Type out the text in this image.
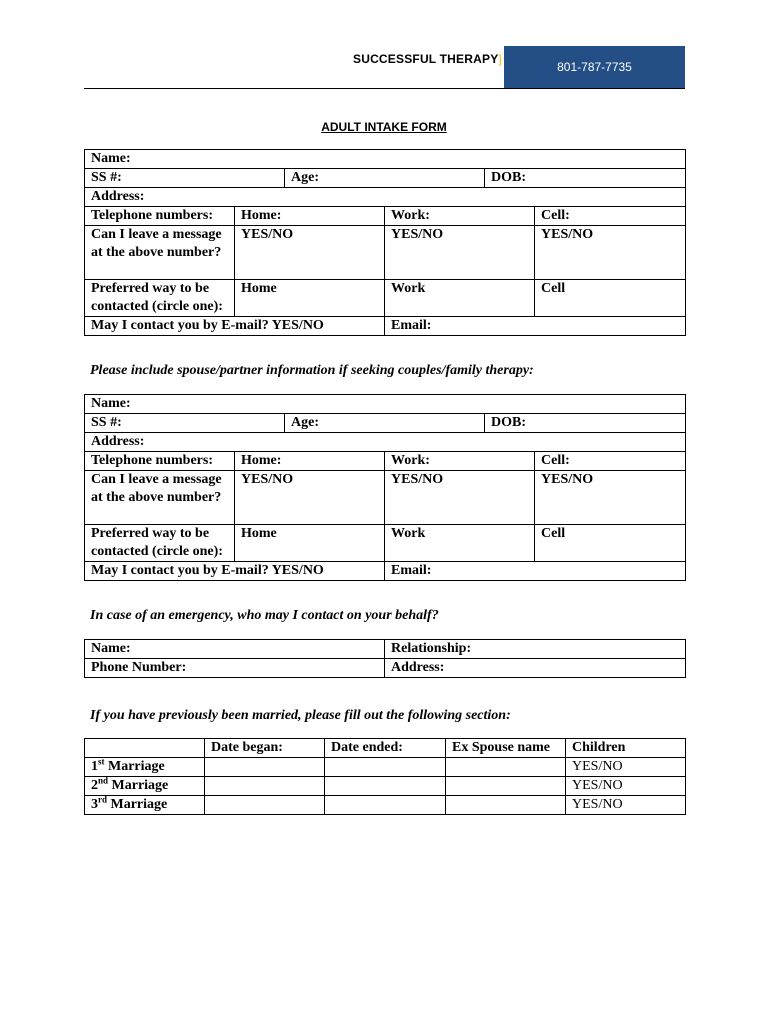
SUCCESSFUL THERAPY]
801-787-7735
ADULT INTAKE FORM
Name:					
SS #:		Age:		DOB:	
Address:					
Telephone numbers:	Home:		Work:		Cell:
Can I leave a message at the above number?	YES/NO		YES/NO		YES/NO
Preferred way to be contacted (circle one):	Home		Work		Cell
May I contact you by E-mail? YES/NO			Email:		
Please include spouse/partner information if seeking couples/family therapy:
Name:					
SS #:		Age:		DOB:	
Address:					
Telephone numbers:	Home:		Work:		Cell:
Can I leave a message at the above number?	YES/NO		YES/NO		YES/NO
Preferred way to be contacted (circle one):	Home		Work		Cell
May I contact you by E-mail? YES/NO			Email:		
In case of an emergency, who may I contact on your behalf?
Name:	Relationship:
Phone Number:	Address:
If you have previously been married, please fill out the following section:
	Date began:	Date ended:	Ex Spouse name	Children
1st Marriage				YES/NO
2nd Marriage				YES/NO
3rd Marriage				YES/NO
